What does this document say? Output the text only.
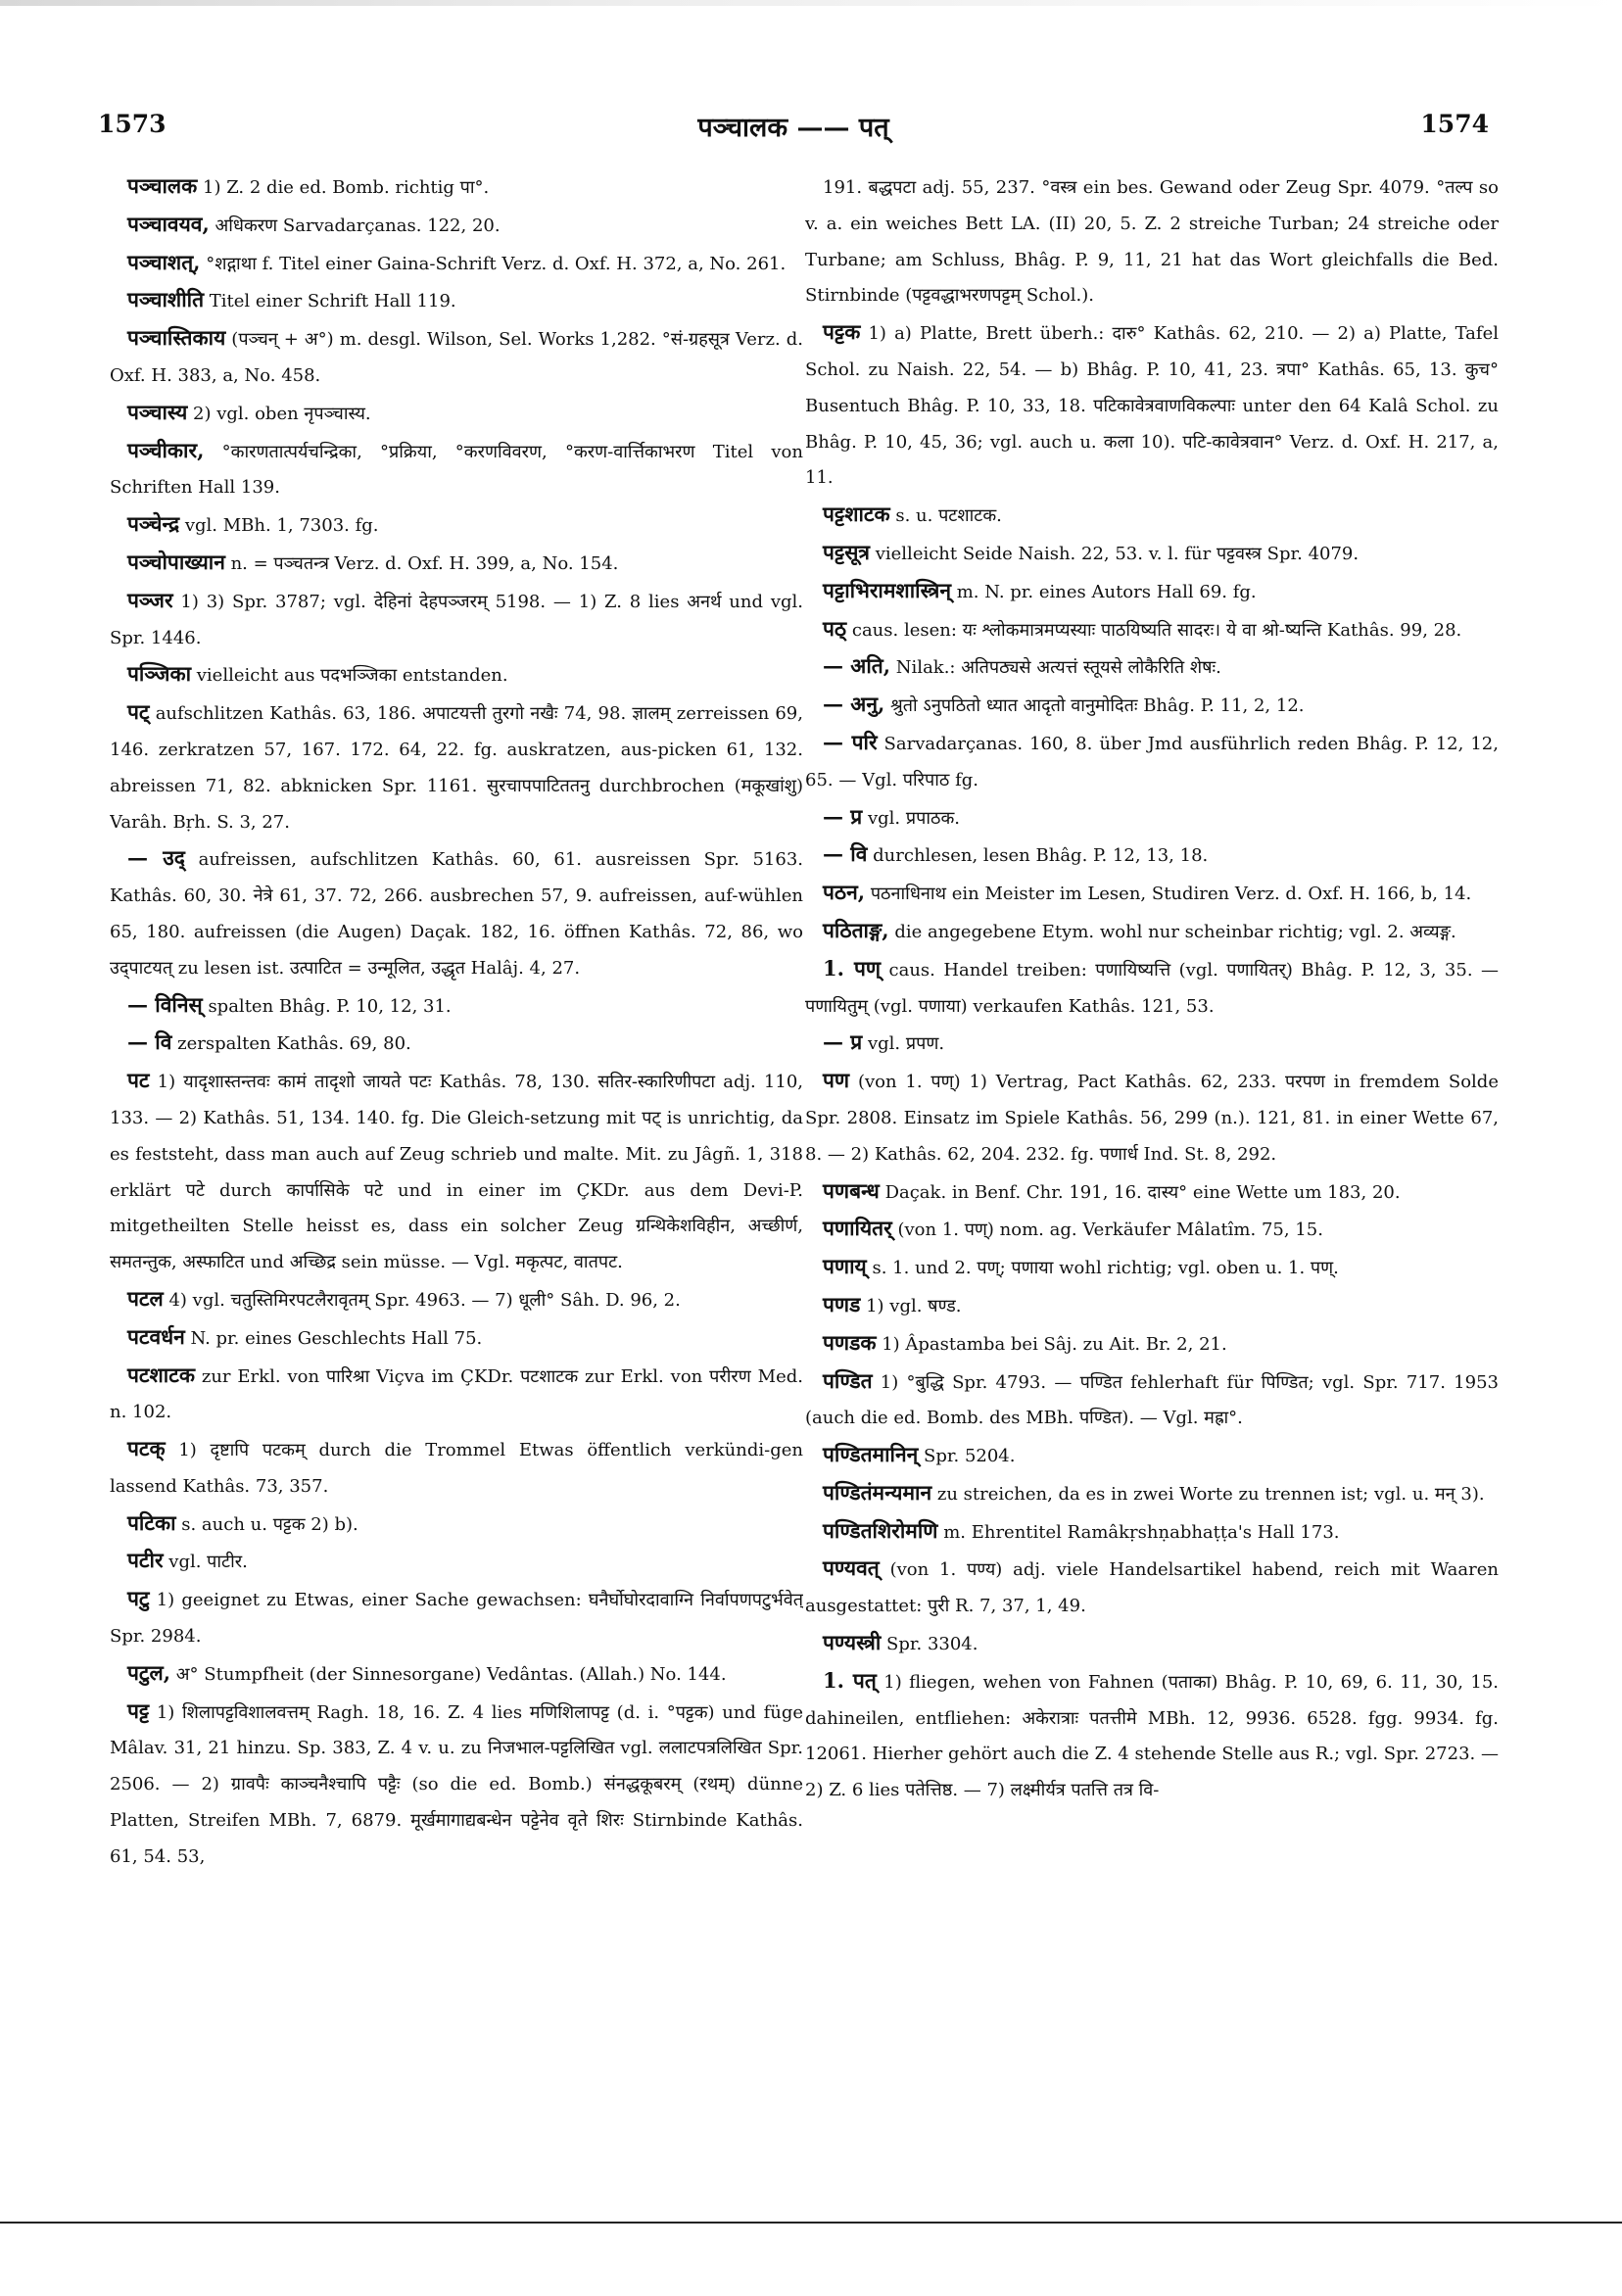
1573	पञ्चालक —— पत्	1574

पञ्चालक 1) Z. 2 die ed. Bomb. richtig पा°.

पञ्चावयव, अधिकरण Sarvadarçanas. 122, 20.

पञ्चाशत्, °शद्गाथा f. Titel einer Gaina-Schrift Verz. d. Oxf. H. 372, a, No. 261.

पञ्चाशीति Titel einer Schrift Hall 119.

पञ्चास्तिकाय (पञ्चन् + अ°) m. desgl. Wilson, Sel. Works 1,282. °सं-ग्रहसूत्र Verz. d. Oxf. H. 383, a, No. 458.

पञ्चास्य 2) vgl. oben नृपञ्चास्य.

पञ्चीकार, °कारणतात्पर्यचन्द्रिका, °प्रक्रिया, °करणविवरण, °करण-वार्त्तिकाभरण Titel von Schriften Hall 139.

पञ्चेन्द्र vgl. MBh. 1, 7303. fg.

पञ्चोपाख्यान n. = पञ्चतन्त्र Verz. d. Oxf. H. 399, a, No. 154.

पञ्जर 1) 3) Spr. 3787; vgl. देहिनां देहपञ्जरम् 5198. — 1) Z. 8 lies अनर्थ und vgl. Spr. 1446.

पञ्जिका vielleicht aus पदभञ्जिका entstanden.

पट् aufschlitzen Kathâs. 63, 186. अपाटयत्ती तुरगो नखैः 74, 98. ज्ञालम् zerreissen 69, 146. zerkratzen 57, 167. 172. 64, 22. fg. auskratzen, aus-picken 61, 132. abreissen 71, 82. abknicken Spr. 1161. सुरचापपाटिततनु durchbrochen (मकूखांशु) Varâh. Bṛh. S. 3, 27.

— उद् aufreissen, aufschlitzen Kathâs. 60, 61. ausreissen Spr. 5163. Kathâs. 60, 30. नेत्रे 61, 37. 72, 266. ausbrechen 57, 9. aufreissen, auf-wühlen 65, 180. aufreissen (die Augen) Daçak. 182, 16. öffnen Kathâs. 72, 86, wo उद्पाटयत् zu lesen ist. उत्पाटित = उन्मूलित, उद्धृत Halâj. 4, 27.

— विनिस् spalten Bhâg. P. 10, 12, 31.

— वि zerspalten Kathâs. 69, 80.

पट 1) यादृशास्तन्तवः कामं तादृशो जायते पटः Kathâs. 78, 130. सतिर-स्कारिणीपटा adj. 110, 133. — 2) Kathâs. 51, 134. 140. fg. Die Gleich-setzung mit पट् is unrichtig, da es feststeht, dass man auch auf Zeug schrieb und malte. Mit. zu Jâgñ. 1, 318 erklärt पटे durch कार्पासिके पटे und in einer im ÇKDr. aus dem Devi-P. mitgetheilten Stelle heisst es, dass ein solcher Zeug ग्रन्थिकेशविहीन, अच्छीर्ण, समतन्तुक, अस्फाटित und अच्छिद्र sein müsse. — Vgl. मकृत्पट, वातपट.

पटल 4) vgl. चतुस्तिमिरपटलैरावृतम् Spr. 4963. — 7) धूली° Sâh. D. 96, 2.

पटवर्धन N. pr. eines Geschlechts Hall 75.

पटशाटक zur Erkl. von पारिश्रा Viçva im ÇKDr. पटशाटक zur Erkl. von परीरण Med. n. 102.

पटक् 1) दृष्टापि पटकम् durch die Trommel Etwas öffentlich verkündi-gen lassend Kathâs. 73, 357.

पटिका s. auch u. पट्टक 2) b).

पटीर vgl. पाटीर.

पटु 1) geeignet zu Etwas, einer Sache gewachsen: घनैर्घोघोरदावाग्नि निर्वापणपटुर्भवेत् Spr. 2984.

पटुल, अ° Stumpfheit (der Sinnesorgane) Vedântas. (Allah.) No. 144.

पट्ट 1) शिलापट्टविशालवत्तम् Ragh. 18, 16. Z. 4 lies मणिशिलापट्ट (d. i. °पट्टक) und füge Mâlav. 31, 21 hinzu. Sp. 383, Z. 4 v. u. zu निजभाल-पट्टलिखित vgl. ललाटपत्रलिखित Spr. 2506. — 2) ग्रावपैः काञ्चनैश्चापि पट्टैः (so die ed. Bomb.) संनद्धकूबरम् (रथम्) dünne Platten, Streifen MBh. 7, 6879. मूर्खमागाद्यबन्धेन पट्टेनेव वृते शिरः Stirnbinde Kathâs. 61, 54. 53,

191. बद्धपटा adj. 55, 237. °वस्त्र ein bes. Gewand oder Zeug Spr. 4079. °तल्प so v. a. ein weiches Bett LA. (II) 20, 5. Z. 2 streiche Turban; 24 streiche oder Turbane; am Schluss, Bhâg. P. 9, 11, 21 hat das Wort gleichfalls die Bed. Stirnbinde (पट्टवद्धाभरणपट्टम् Schol.).

पट्टक 1) a) Platte, Brett überh.: दारु° Kathâs. 62, 210. — 2) a) Platte, Tafel Schol. zu Naish. 22, 54. — b) Bhâg. P. 10, 41, 23. त्रपा° Kathâs. 65, 13. कुच° Busentuch Bhâg. P. 10, 33, 18. पटिकावेत्रवाणविकल्पाः unter den 64 Kalâ Schol. zu Bhâg. P. 10, 45, 36; vgl. auch u. कला 10). पटि-कावेत्रवान° Verz. d. Oxf. H. 217, a, 11.

पट्टशाटक s. u. पटशाटक.

पट्टसूत्र vielleicht Seide Naish. 22, 53. v. l. für पट्टवस्त्र Spr. 4079.

पट्टाभिरामशास्त्रिन् m. N. pr. eines Autors Hall 69. fg.

पठ् caus. lesen: यः श्लोकमात्रमप्यस्याः पाठयिष्यति सादरः। ये वा श्रो-ष्यन्ति Kathâs. 99, 28.

— अति, Nilak.: अतिपठ्यसे अत्यत्तं स्तूयसे लोकैरिति शेषः.

— अनु, श्रुतो ऽनुपठितो ध्यात आदृतो वानुमोदितः Bhâg. P. 11, 2, 12.

— परि Sarvadarçanas. 160, 8. über Jmd ausführlich reden Bhâg. P. 12, 12, 65. — Vgl. परिपाठ fg.

— प्र vgl. प्रपाठक.

— वि durchlesen, lesen Bhâg. P. 12, 13, 18.

पठन, पठनाधिनाथ ein Meister im Lesen, Studiren Verz. d. Oxf. H. 166, b, 14.

पठिताङ्ग, die angegebene Etym. wohl nur scheinbar richtig; vgl. 2. अव्यङ्ग.

1. पण् caus. Handel treiben: पणायिष्यत्ति (vgl. पणायितर्) Bhâg. P. 12, 3, 35. — पणायितुम् (vgl. पणाया) verkaufen Kathâs. 121, 53.

— प्र vgl. प्रपण.

पण (von 1. पण्) 1) Vertrag, Pact Kathâs. 62, 233. परपण in fremdem Solde Spr. 2808. Einsatz im Spiele Kathâs. 56, 299 (n.). 121, 81. in einer Wette 67, 8. — 2) Kathâs. 62, 204. 232. fg. पणार्ध Ind. St. 8, 292.

पणबन्ध Daçak. in Benf. Chr. 191, 16. दास्य° eine Wette um 183, 20.

पणायितर् (von 1. पण्) nom. ag. Verkäufer Mâlatîm. 75, 15.

पणाय् s. 1. und 2. पण्; पणाया wohl richtig; vgl. oben u. 1. पण्.

पणड 1) vgl. षण्ड.

पणडक 1) Âpastamba bei Sâj. zu Ait. Br. 2, 21.

पण्डित 1) °बुद्धि Spr. 4793. — पण्डित fehlerhaft für पिण्डित; vgl. Spr. 717. 1953 (auch die ed. Bomb. des MBh. पण्डित). — Vgl. मह्रा°.

पण्डितमानिन् Spr. 5204.

पण्डितंमन्यमान zu streichen, da es in zwei Worte zu trennen ist; vgl. u. मन् 3).

पण्डितशिरोमणि m. Ehrentitel Ramâkṛshṇabhaṭṭa's Hall 173.

पण्यवत् (von 1. पण्य) adj. viele Handelsartikel habend, reich mit Waaren ausgestattet: पुरी R. 7, 37, 1, 49.

पण्यस्त्री Spr. 3304.

1. पत् 1) fliegen, wehen von Fahnen (पताका) Bhâg. P. 10, 69, 6. 11, 30, 15. dahineilen, entfliehen: अकेरात्राः पतत्तीमे MBh. 12, 9936. 6528. fgg. 9934. fg. 12061. Hierher gehört auch die Z. 4 stehende Stelle aus R.; vgl. Spr. 2723. — 2) Z. 6 lies पतेत्तिष्ठ. — 7) लक्ष्मीर्यत्र पतत्ति तत्र वि-
